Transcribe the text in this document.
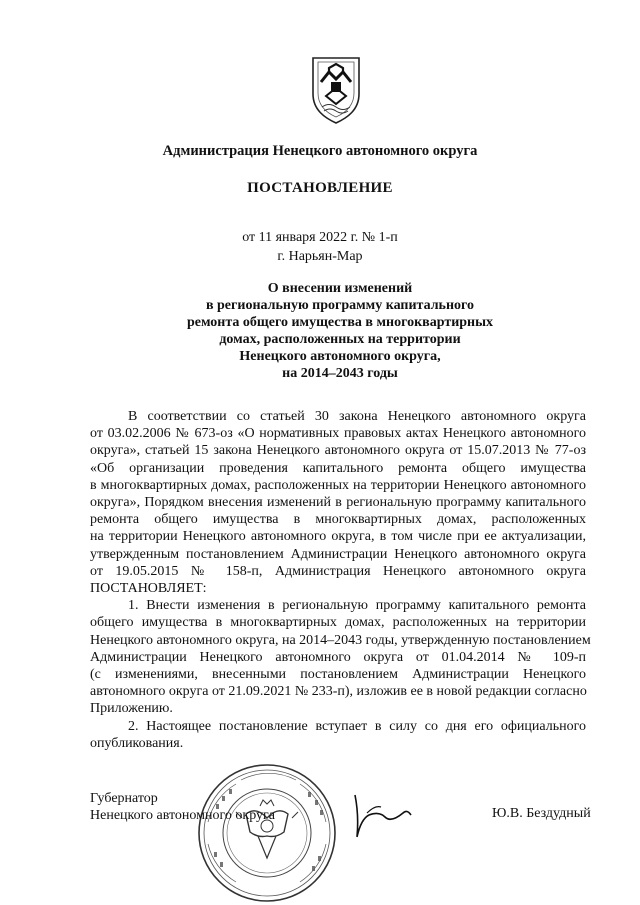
Администрация Ненецкого автономного округа
ПОСТАНОВЛЕНИЕ
от 11 января 2022 г. № 1-п
г. Нарьян-Мар
О внесении изменений
в региональную программу капитального
ремонта общего имущества в многоквартирных
домах, расположенных на территории
Ненецкого автономного округа,
на 2014–2043 годы
В соответствии со статьей 30 закона Ненецкого автономного округа
от 03.02.2006 № 673-оз «О нормативных правовых актах Ненецкого автономного
округа», статьей 15 закона Ненецкого автономного округа от 15.07.2013 № 77-оз
«Об организации проведения капитального ремонта общего имущества
в многоквартирных домах, расположенных на территории Ненецкого автономного
округа», Порядком внесения изменений в региональную программу капитального
ремонта общего имущества в многоквартирных домах, расположенных
на территории Ненецкого автономного округа, в том числе при ее актуализации,
утвержденным постановлением Администрации Ненецкого автономного округа
от 19.05.2015 № 158-п, Администрация Ненецкого автономного округа
ПОСТАНОВЛЯЕТ:
1. Внести изменения в региональную программу капитального ремонта
общего имущества в многоквартирных домах, расположенных на территории
Ненецкого автономного округа, на 2014–2043 годы, утвержденную постановлением
Администрации Ненецкого автономного округа от 01.04.2014 № 109-п
(с изменениями, внесенными постановлением Администрации Ненецкого
автономного округа от 21.09.2021 № 233-п), изложив ее в новой редакции согласно
Приложению.
2. Настоящее постановление вступает в силу со дня его официального
опубликования.
Губернатор
Ненецкого автономного округа	Ю.В. Бездудный
